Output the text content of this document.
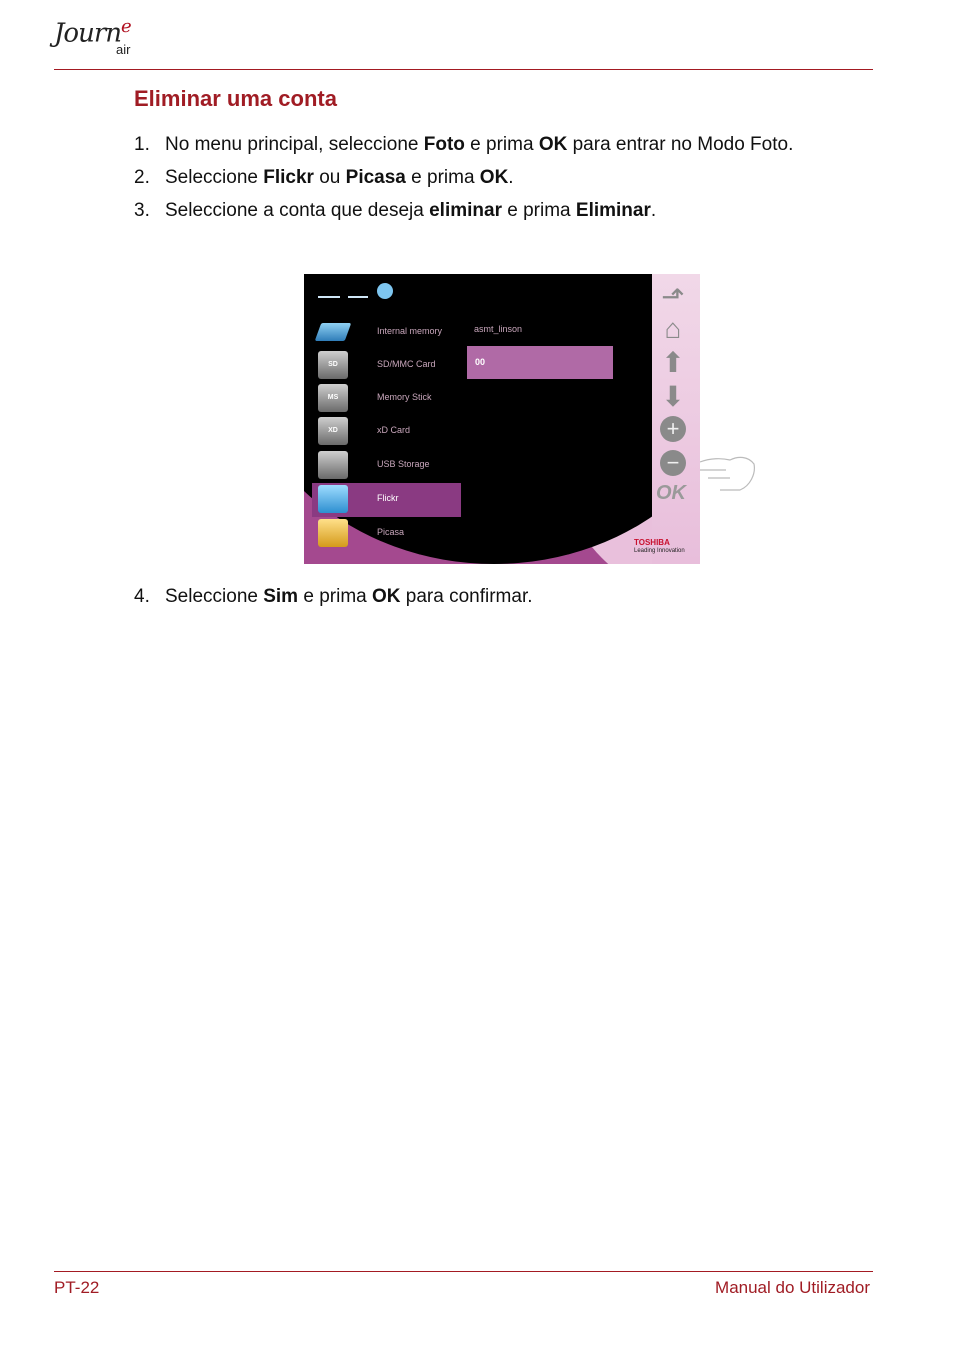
Journ$^e$
air
Eliminar uma conta
1. No menu principal, seleccione Foto e prima OK para entrar no Modo Foto.
2. Seleccione Flickr ou Picasa e prima OK.
3. Seleccione a conta que deseja eliminar e prima Eliminar.

Internal memory
SD	SD/MMC Card
MS	Memory Stick
XD	xD Card
USB Storage
Flickr
Picasa
asmt_linson
00
⬏
⌂
⬆
⬇
+
−
OK
TOSHIBA
Leading Innovation
4. Seleccione Sim e prima OK para confirmar.
PT-22	Manual do Utilizador
